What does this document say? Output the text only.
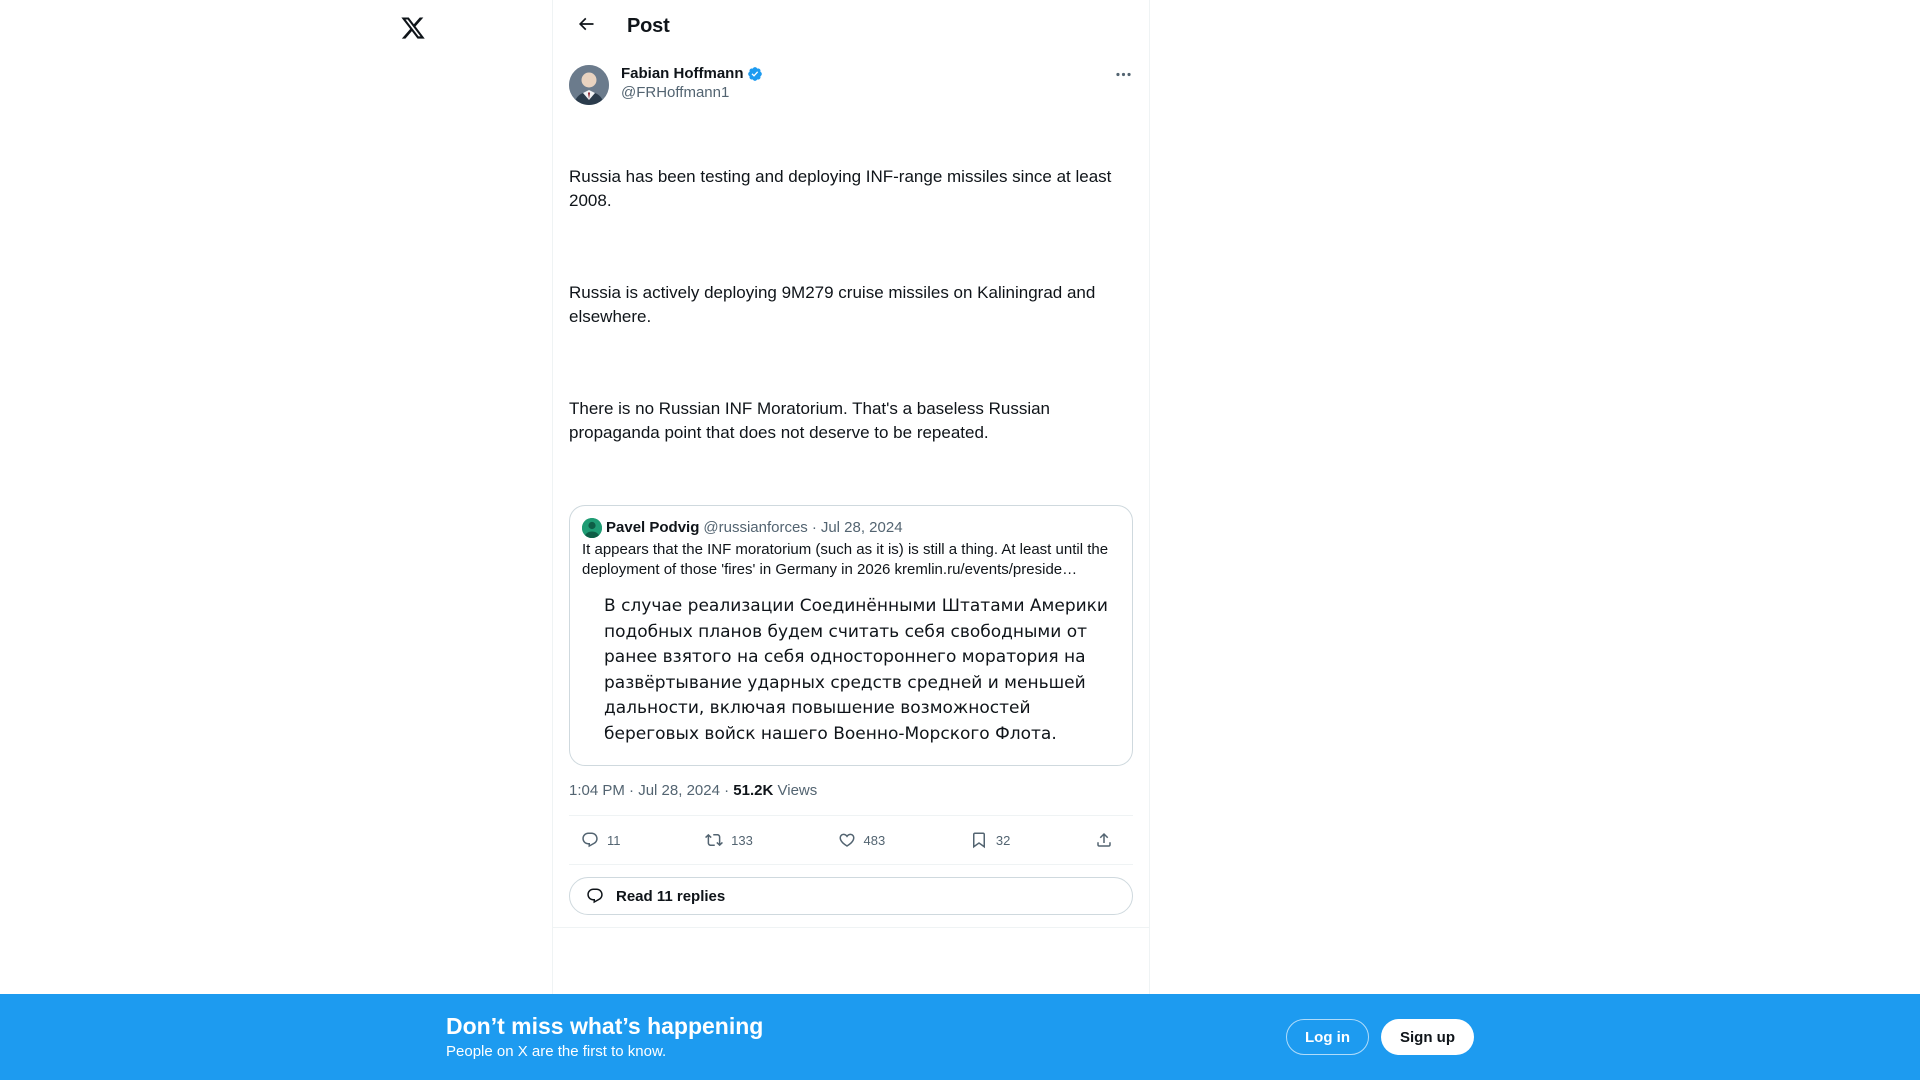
Post
Fabian Hoffmann
@FRHoffmann1

Russia has been testing and deploying INF-range missiles since at least 2008.

Russia is actively deploying 9M279 cruise missiles on Kaliningrad and elsewhere.

There is no Russian INF Moratorium. That's a baseless Russian propaganda point that does not deserve to be repeated.

Pavel Podvig @russianforces · Jul 28, 2024
It appears that the INF moratorium (such as it is) is still a thing. At least until the deployment of those 'fires' in Germany in 2026 kremlin.ru/events/preside…
В случае реализации Соединёнными Штатами Америки подобных планов будем считать себя свободными от ранее взятого на себя одностороннего моратория на развёртывание ударных средств средней и меньшей дальности, включая повышение возможностей береговых войск нашего Военно-Морского Флота.
1:04 PM · Jul 28, 2024 · 51.2K Views
11	133	483	32
Read 11 replies
Don’t miss what’s happening

People on X are the first to know.

Log in	Sign up
